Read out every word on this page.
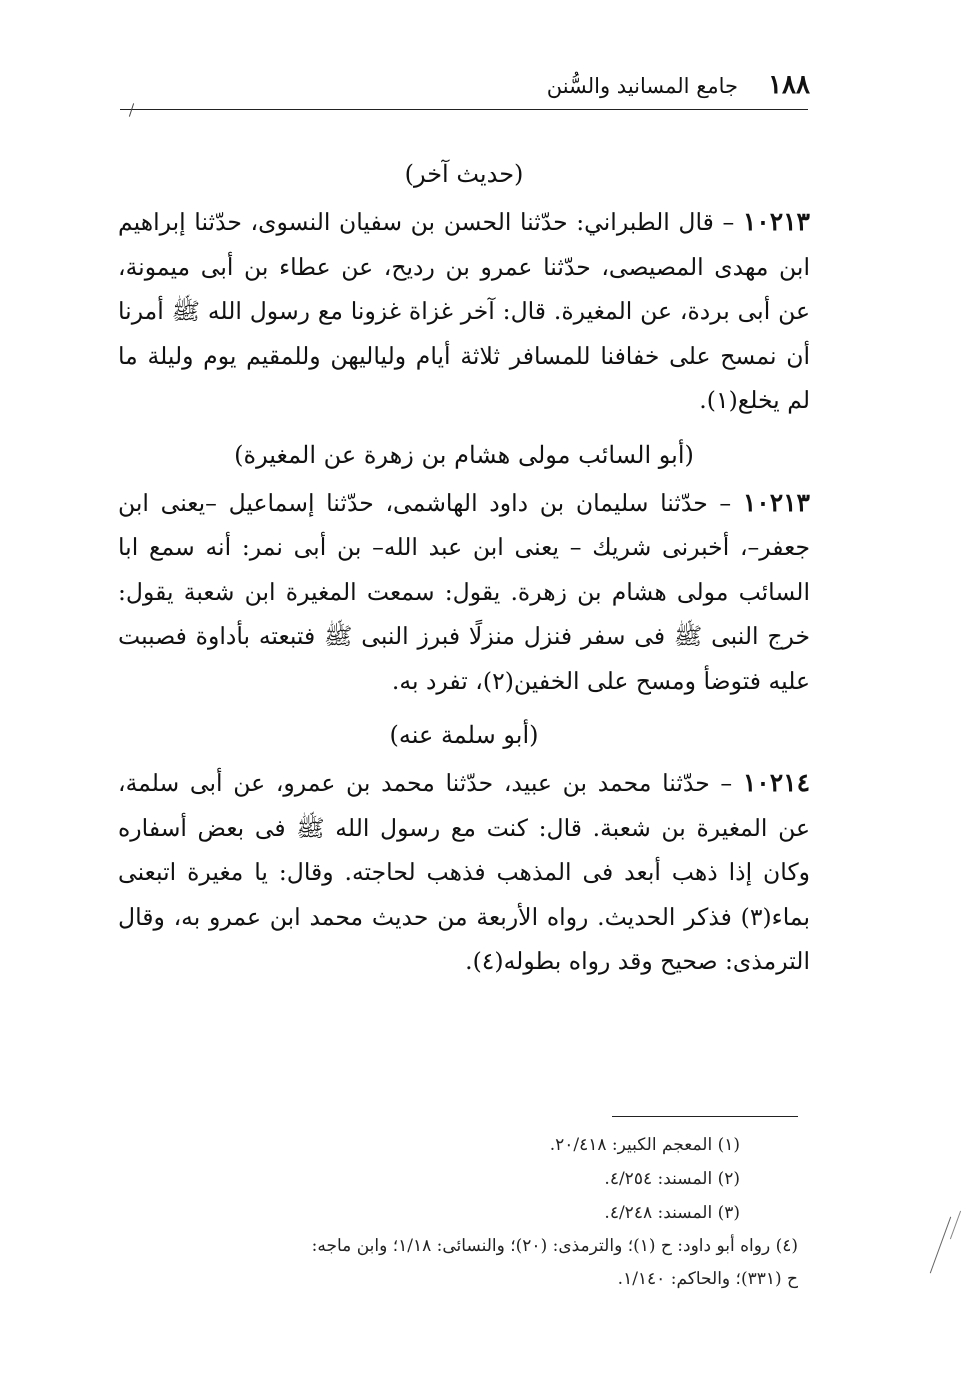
١٨٨
جامع المسانيد والسُّنن
(حديث آخر)

١٠٢١٣ – قال الطبراني: حدّثنا الحسن بن سفيان النسوى، حدّثنا إبراهيم ابن مهدى المصيصى، حدّثنا عمرو بن رديح، عن عطاء بن أبى ميمونة، عن أبى بردة، عن المغيرة. قال: آخر غزاة غزونا مع رسول الله ﷺ أمرنا أن نمسح على خفافنا للمسافر ثلاثة أيام ولياليهن وللمقيم يوم وليلة ما لم يخلع(١).

(أبو السائب مولى هشام بن زهرة عن المغيرة)

١٠٢١٣ – حدّثنا سليمان بن داود الهاشمى، حدّثنا إسماعيل –يعنى ابن جعفر–، أخبرنى شريك – يعنى ابن عبد الله– بن أبى نمر: أنه سمع ابا السائب مولى هشام بن زهرة. يقول: سمعت المغيرة ابن شعبة يقول: خرج النبى ﷺ فى سفر فنزل منزلًا فبرز النبى ﷺ فتبعته بأداوة فصببت عليه فتوضأ ومسح على الخفين(٢)، تفرد به.

(أبو سلمة عنه)

١٠٢١٤ – حدّثنا محمد بن عبيد، حدّثنا محمد بن عمرو، عن أبى سلمة، عن المغيرة بن شعبة. قال: كنت مع رسول الله ﷺ فى بعض أسفاره وكان إذا ذهب أبعد فى المذهب فذهب لحاجته. وقال: يا مغيرة اتبعنى بماء(٣) فذكر الحديث. رواه الأربعة من حديث محمد ابن عمرو به، وقال الترمذى: صحيح وقد رواه بطوله(٤).

(١) المعجم الكبير: ٢٠/٤١٨.
(٢) المسند: ٤/٢٥٤.
(٣) المسند: ٤/٢٤٨.
(٤) رواه أبو داود: ح (١)؛ والترمذى: (٢٠)؛ والنسائى: ١/١٨؛ وابن ماجه:
ح (٣٣١)؛ والحاكم: ١/١٤٠.
